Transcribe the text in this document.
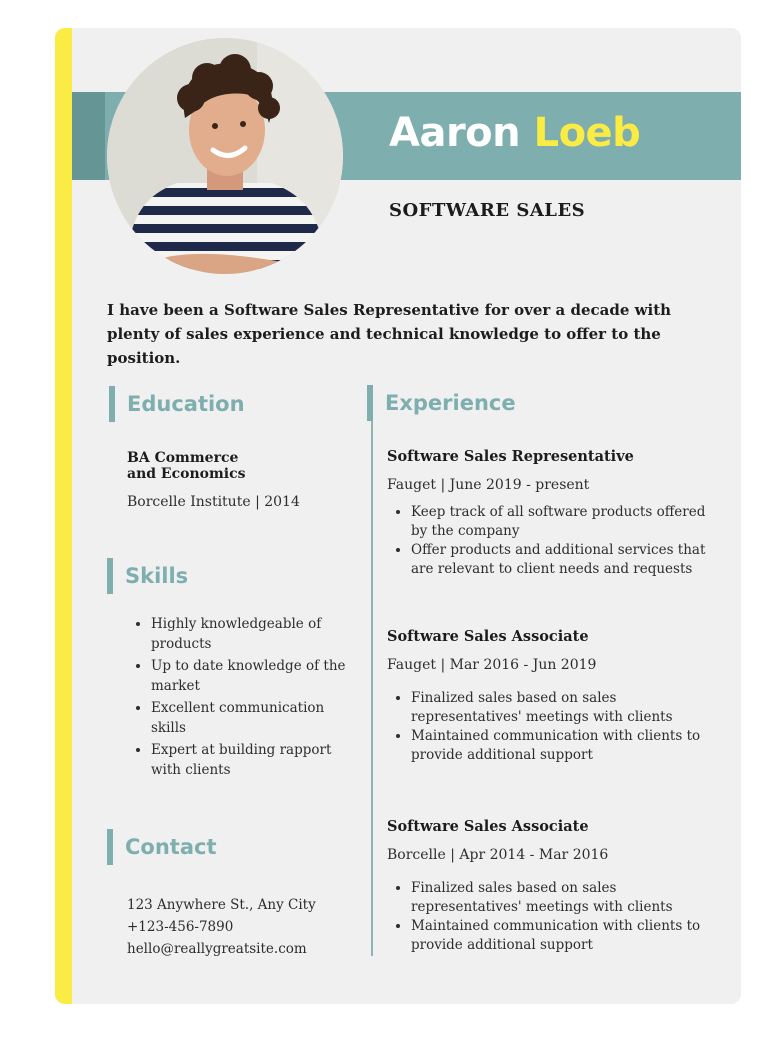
Aaron Loeb
SOFTWARE SALES
I have been a Software Sales Representative for over a decade with plenty of sales experience and technical knowledge to offer to the position.
Education
BA Commerce
and Economics
Borcelle Institute | 2014
Skills
• Highly knowledgeable of products
• Up to date knowledge of the market
• Excellent communication skills
• Expert at building rapport with clients
Contact
123 Anywhere St., Any City
+123-456-7890
hello@reallygreatsite.com
Experience
Software Sales Representative
Fauget | June 2019 - present
• Keep track of all software products offered by the company
• Offer products and additional services that are relevant to client needs and requests
Software Sales Associate
Fauget | Mar 2016 - Jun 2019
• Finalized sales based on sales representatives' meetings with clients
• Maintained communication with clients to provide additional support
Software Sales Associate
Borcelle | Apr 2014 - Mar 2016
• Finalized sales based on sales representatives' meetings with clients
• Maintained communication with clients to provide additional support
